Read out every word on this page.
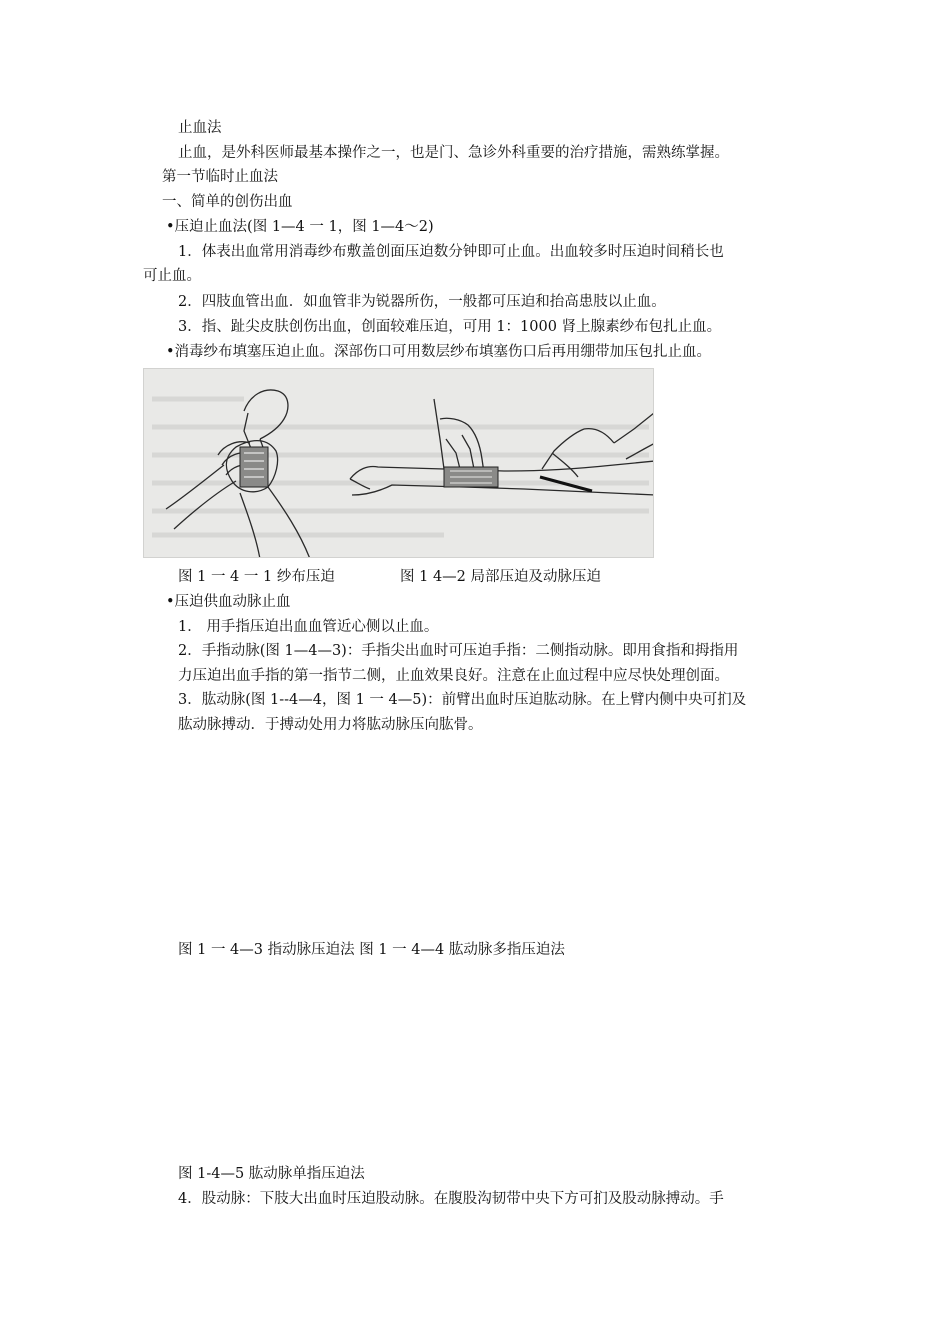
止血法
止血，是外科医师最基本操作之一，也是门、急诊外科重要的治疗措施，需熟练掌握。
第一节临时止血法
一、简单的创伤出血
•压迫止血法(图 1—4 一 1，图 1—4～2)
1．体表出血常用消毒纱布敷盖创面压迫数分钟即可止血。出血较多时压迫时间稍长也
可止血。
2．四肢血管出血．如血管非为锐器所伤，一般都可压迫和抬高患肢以止血。
3．指、趾尖皮肤创伤出血，创面较难压迫，可用 1：1000 肾上腺素纱布包扎止血。
•消毒纱布填塞压迫止血。深部伤口可用数层纱布填塞伤口后再用绷带加压包扎止血。
图 1 一 4 一 1 纱布压迫	图 1 4—2 局部压迫及动脉压迫
•压迫供血动脉止血
1． 用手指压迫出血血管近心侧以止血。
2．手指动脉(图 1—4—3)：手指尖出血时可压迫手指：二侧指动脉。即用食指和拇指用
力压迫出血手指的第一指节二侧，止血效果良好。注意在止血过程中应尽快处理创面。
3．肱动脉(图 1--4—4，图 1 一 4—5)：前臂出血时压迫肱动脉。在上臂内侧中央可扪及
肱动脉搏动．于搏动处用力将肱动脉压向肱骨。
图 1 一 4—3 指动脉压迫法 图 1 一 4—4 肱动脉多指压迫法
图 1-4—5 肱动脉单指压迫法
4．股动脉：下肢大出血时压迫股动脉。在腹股沟韧带中央下方可扪及股动脉搏动。手
